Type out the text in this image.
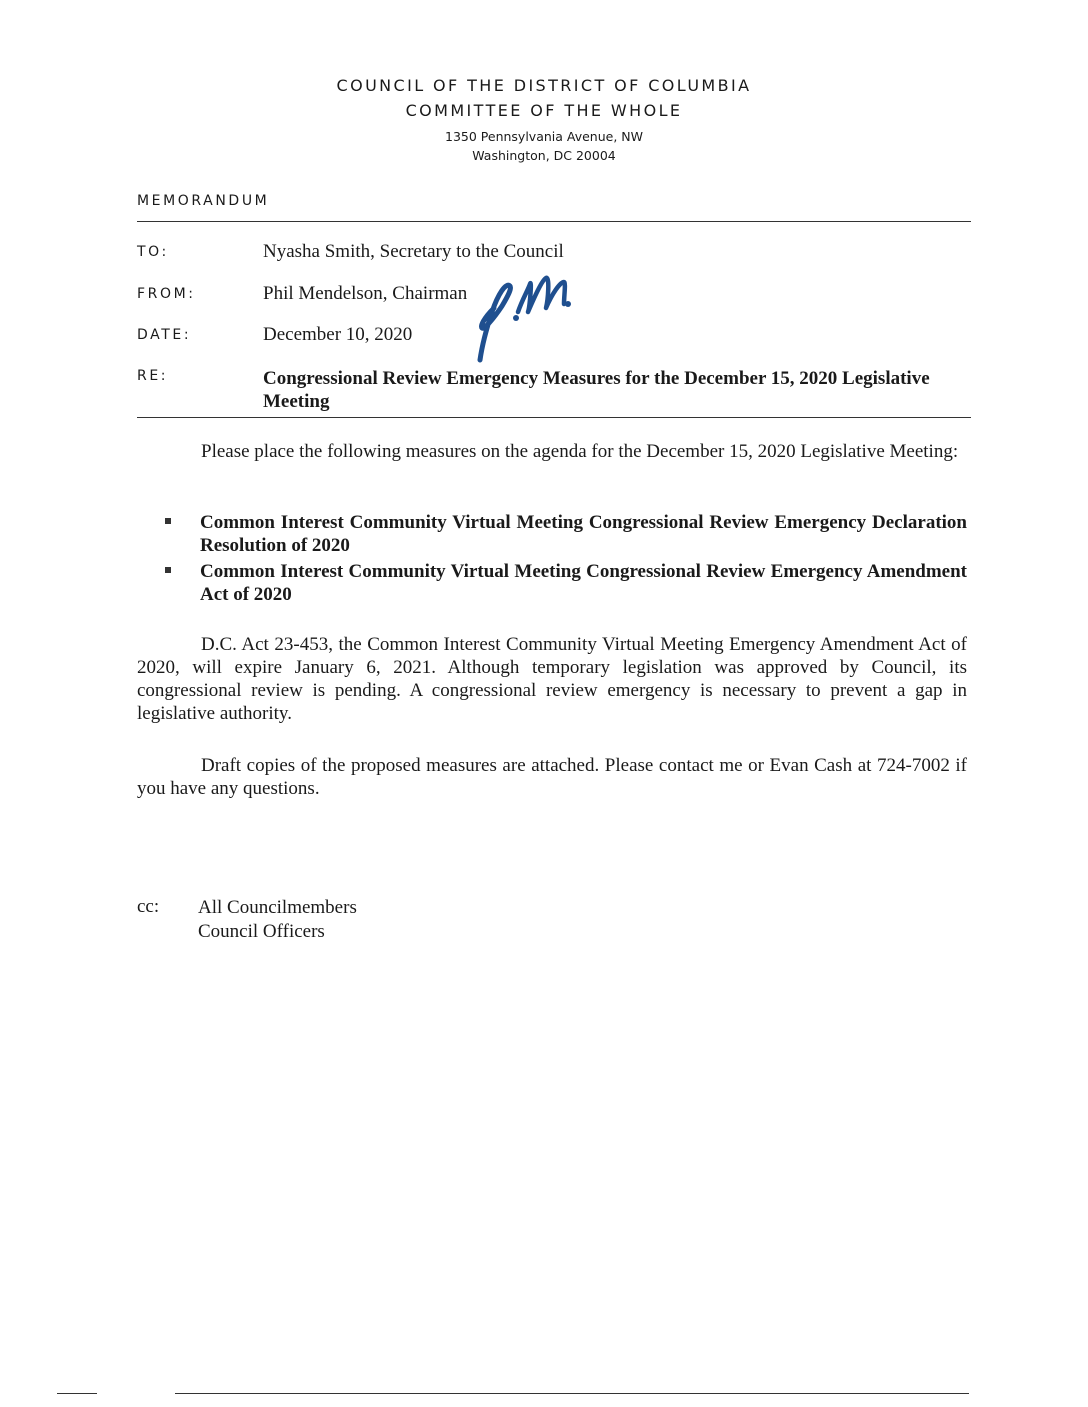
COUNCIL OF THE DISTRICT OF COLUMBIA
COMMITTEE OF THE WHOLE
1350 Pennsylvania Avenue, NW
Washington, DC 20004
MEMORANDUM
TO:	Nyasha Smith, Secretary to the Council
FROM:	Phil Mendelson, Chairman
DATE:	December 10, 2020
RE:	Congressional Review Emergency Measures for the December 15, 2020 Legislative Meeting

Please place the following measures on the agenda for the December 15, 2020 Legislative Meeting:

Common Interest Community Virtual Meeting Congressional Review Emergency Declaration Resolution of 2020
Common Interest Community Virtual Meeting Congressional Review Emergency Amendment Act of 2020

D.C. Act 23-453, the Common Interest Community Virtual Meeting Emergency Amendment Act of 2020, will expire January 6, 2021. Although temporary legislation was approved by Council, its congressional review is pending. A congressional review emergency is necessary to prevent a gap in legislative authority.

Draft copies of the proposed measures are attached. Please contact me or Evan Cash at 724-7002 if you have any questions.

cc: All Councilmembers
Council Officers
